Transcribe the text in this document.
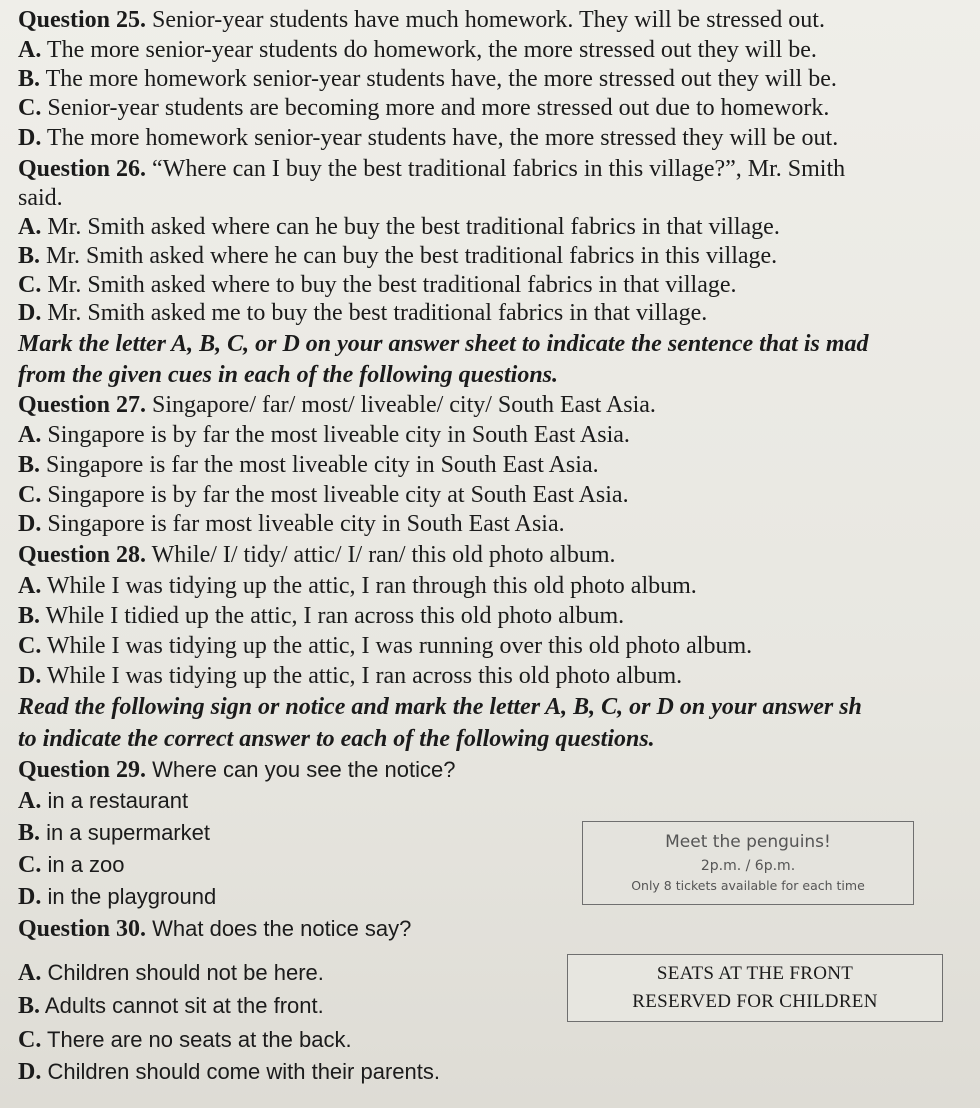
Question 25. Senior-year students have much homework. They will be stressed out.
A. The more senior-year students do homework, the more stressed out they will be.
B. The more homework senior-year students have, the more stressed out they will be.
C. Senior-year students are becoming more and more stressed out due to homework.
D. The more homework senior-year students have, the more stressed they will be out.
Question 26. “Where can I buy the best traditional fabrics in this village?”, Mr. Smith
said.
A. Mr. Smith asked where can he buy the best traditional fabrics in that village.
B. Mr. Smith asked where he can buy the best traditional fabrics in this village.
C. Mr. Smith asked where to buy the best traditional fabrics in that village.
D. Mr. Smith asked me to buy the best traditional fabrics in that village.
Mark the letter A, B, C, or D on your answer sheet to indicate the sentence that is mad
from the given cues in each of the following questions.
Question 27. Singapore/ far/ most/ liveable/ city/ South East Asia.
A. Singapore is by far the most liveable city in South East Asia.
B. Singapore is far the most liveable city in South East Asia.
C. Singapore is by far the most liveable city at South East Asia.
D. Singapore is far most liveable city in South East Asia.
Question 28. While/ I/ tidy/ attic/ I/ ran/ this old photo album.
A. While I was tidying up the attic, I ran through this old photo album.
B. While I tidied up the attic, I ran across this old photo album.
C. While I was tidying up the attic, I was running over this old photo album.
D. While I was tidying up the attic, I ran across this old photo album.
Read the following sign or notice and mark the letter A, B, C, or D on your answer sh
to indicate the correct answer to each of the following questions.
Question 29. Where can you see the notice?
A. in a restaurant
B. in a supermarket
C. in a zoo
D. in the playground
Meet the penguins!
2p.m. / 6p.m.
Only 8 tickets available for each time
Question 30. What does the notice say?
A. Children should not be here.
B. Adults cannot sit at the front.
C. There are no seats at the back.
D. Children should come with their parents.
SEATS AT THE FRONT
RESERVED FOR CHILDREN
